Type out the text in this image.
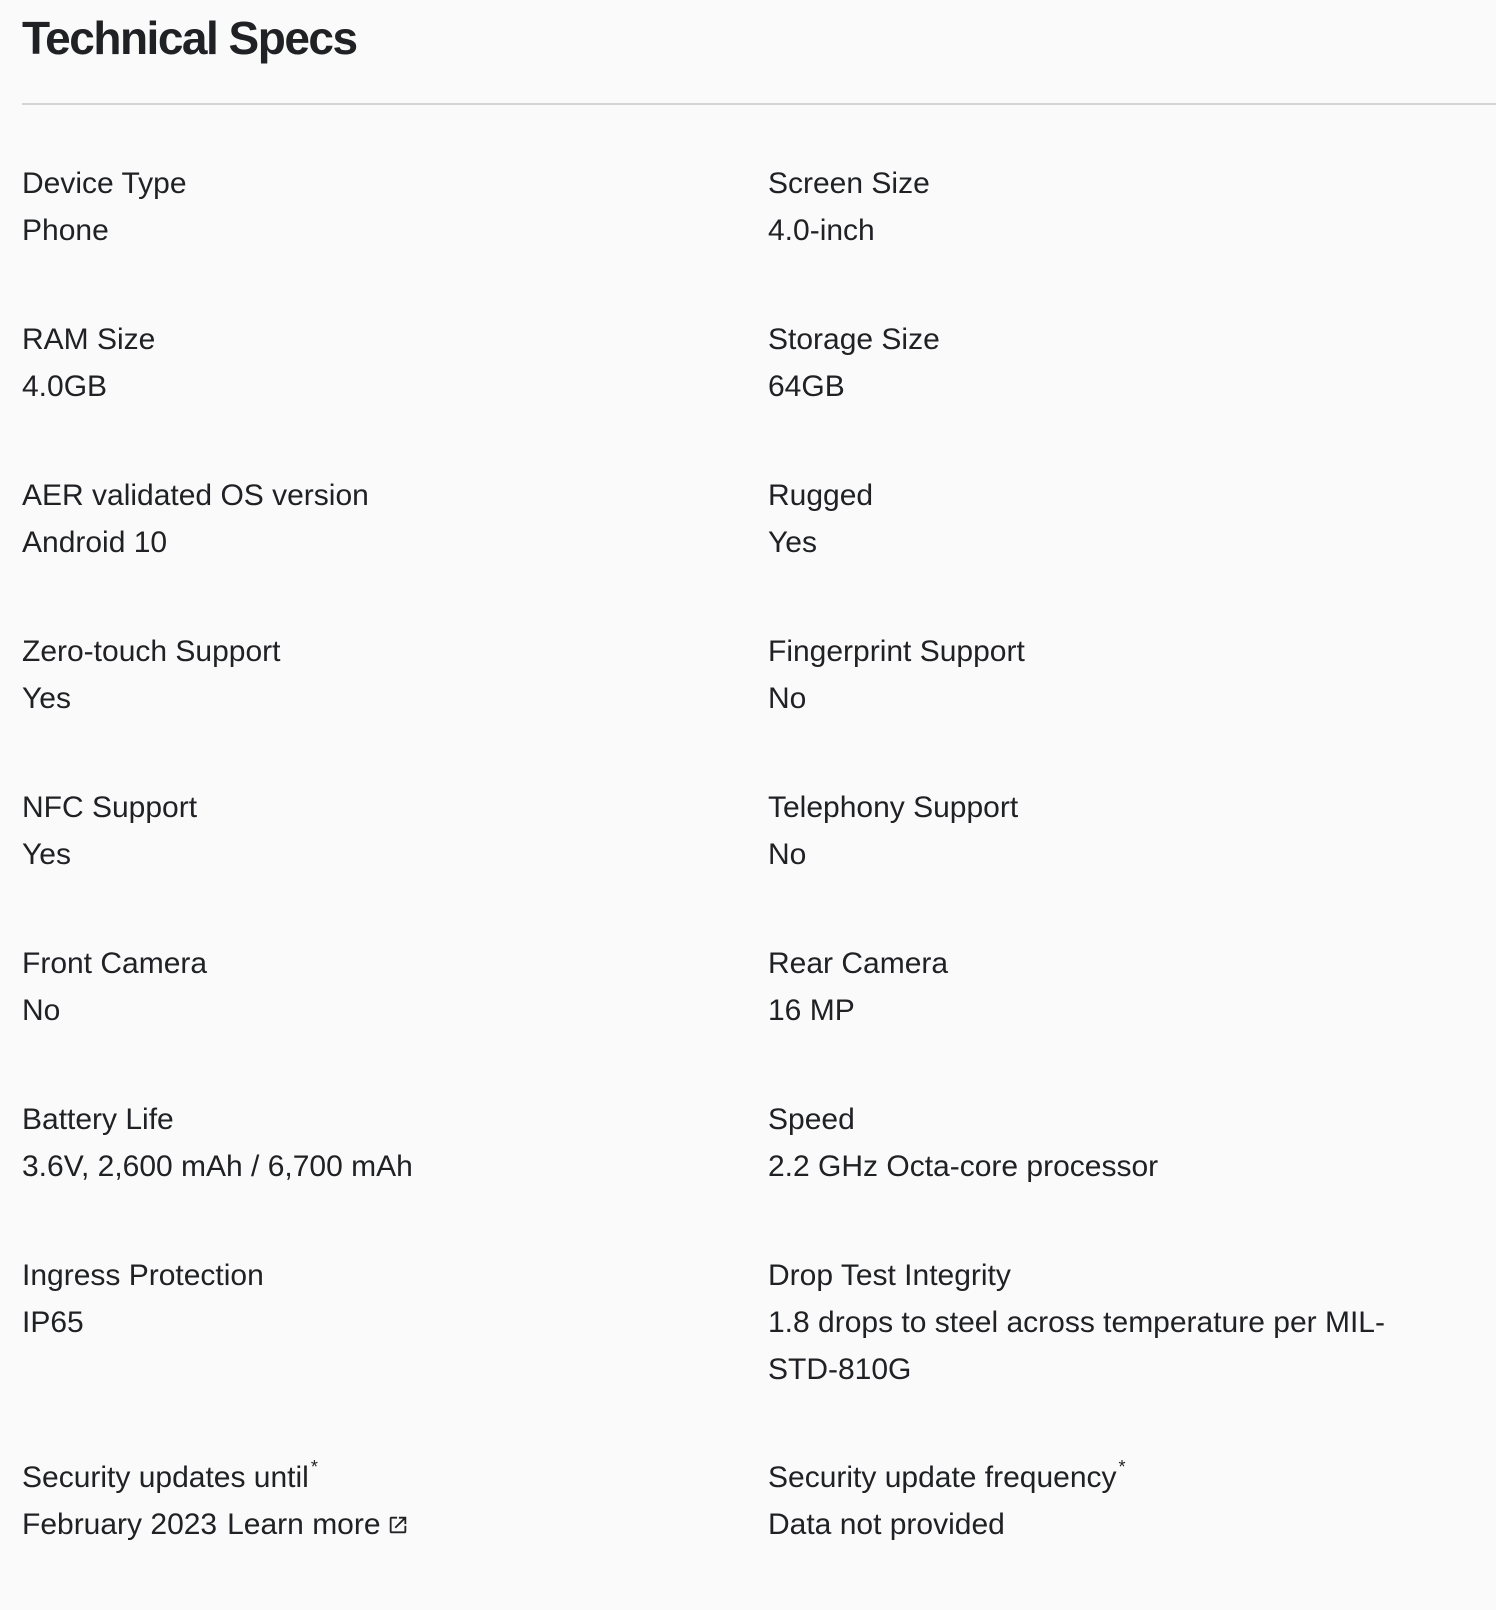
Technical Specs
Device Type
Phone
Screen Size
4.0-inch
RAM Size
4.0GB
Storage Size
64GB
AER validated OS version
Android 10
Rugged
Yes
Zero-touch Support
Yes
Fingerprint Support
No
NFC Support
Yes
Telephony Support
No
Front Camera
No
Rear Camera
16 MP
Battery Life
3.6V, 2,600 mAh / 6,700 mAh
Speed
2.2 GHz Octa-core processor
Ingress Protection
IP65
Drop Test Integrity
1.8 drops to steel across temperature per MIL-STD-810G
Security updates until *
February 2023 Learn more
Security update frequency *
Data not provided
